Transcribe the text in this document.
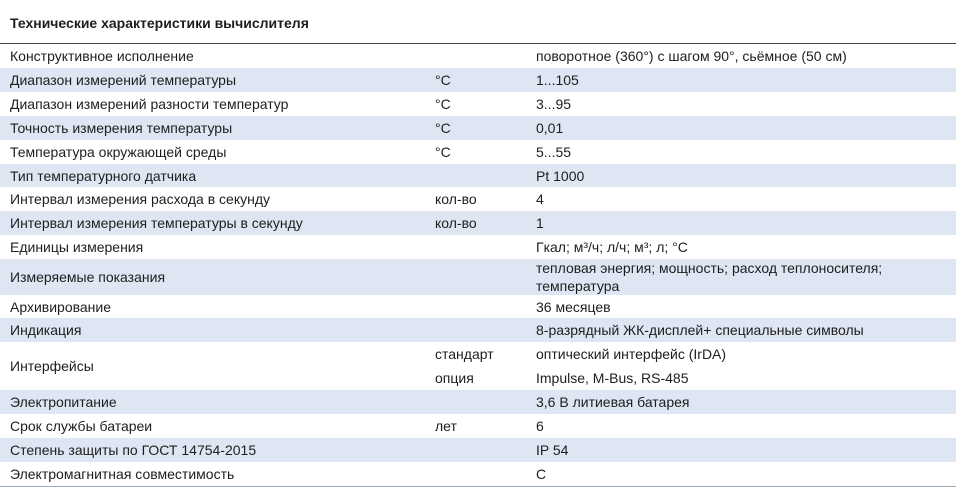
Технические характеристики вычислителя
Конструктивное исполнение		поворотное (360°) с шагом 90°, сьёмное (50 см)
Диапазон измерений температуры	°С	1...105
Диапазон измерений разности температур	°С	3...95
Точность измерения температуры	°С	0,01
Температура окружающей среды	°С	5...55
Тип температурного датчика		Pt 1000
Интервал измерения расхода в секунду	кол-во	4
Интервал измерения температуры в секунду	кол-во	1
Единицы измерения		Гкал; м³/ч; л/ч; м³; л; °С
Измеряемые показания		тепловая энергия; мощность; расход теплоносителя; температура
Архивирование		36 месяцев
Индикация		8-разрядный ЖК-дисплей+ специальные символы
Интерфейсы	стандарт	оптический интерфейс (IrDA)
	опция	Impulse, M-Bus, RS-485
Электропитание		3,6 В литиевая батарея
Срок службы батареи	лет	6
Степень защиты по ГОСТ 14754-2015		IP 54
Электромагнитная совместимость		С
